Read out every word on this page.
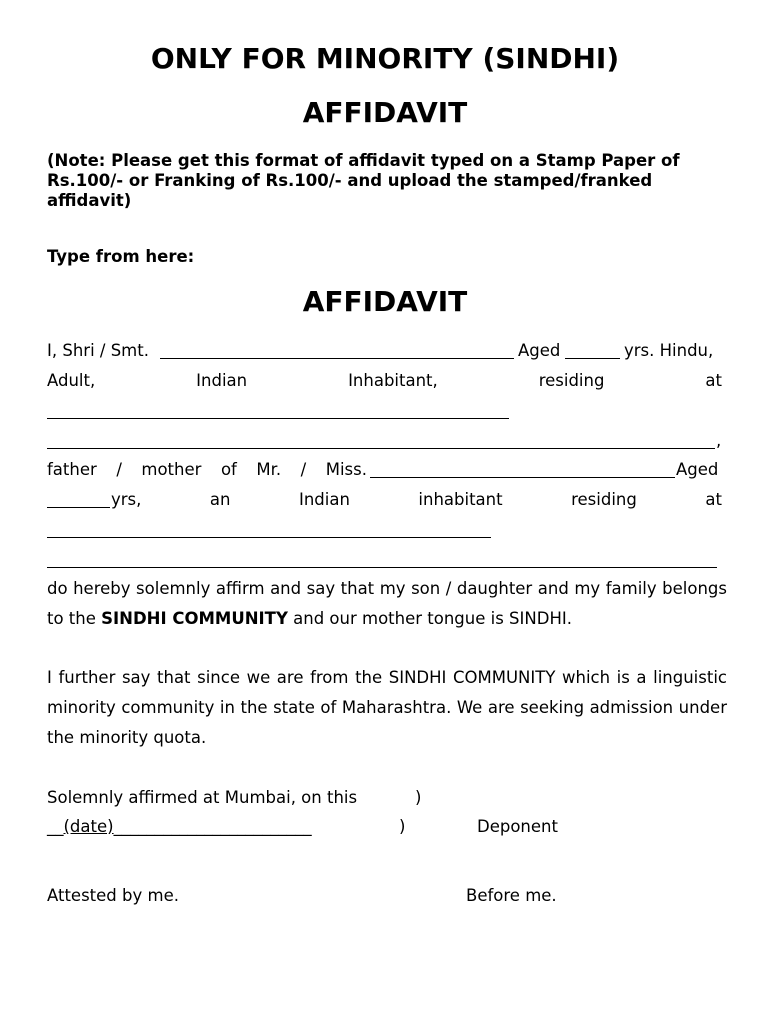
ONLY FOR MINORITY (SINDHI)
AFFIDAVIT
(Note: Please get this format of affidavit typed on a Stamp Paper of Rs.100/- or Franking of Rs.100/- and upload the stamped/franked affidavit)
Type from here:
AFFIDAVIT
I, Shri / Smt.	Aged	yrs. Hindu,
Adult,	Indian	Inhabitant,	residing	at
,
father / mother of Mr. / Miss.	Aged
yrs,	an	Indian	inhabitant	residing	at
do hereby solemnly affirm and say that my son / daughter and my family belongs to the SINDHI COMMUNITY and our mother tongue is SINDHI.
I further say that since we are from the SINDHI COMMUNITY which is a linguistic minority community in the state of Maharashtra. We are seeking admission under the minority quota.
Solemnly affirmed at Mumbai, on this	)
__(date)________________________	)	Deponent
Attested by me.	Before me.
